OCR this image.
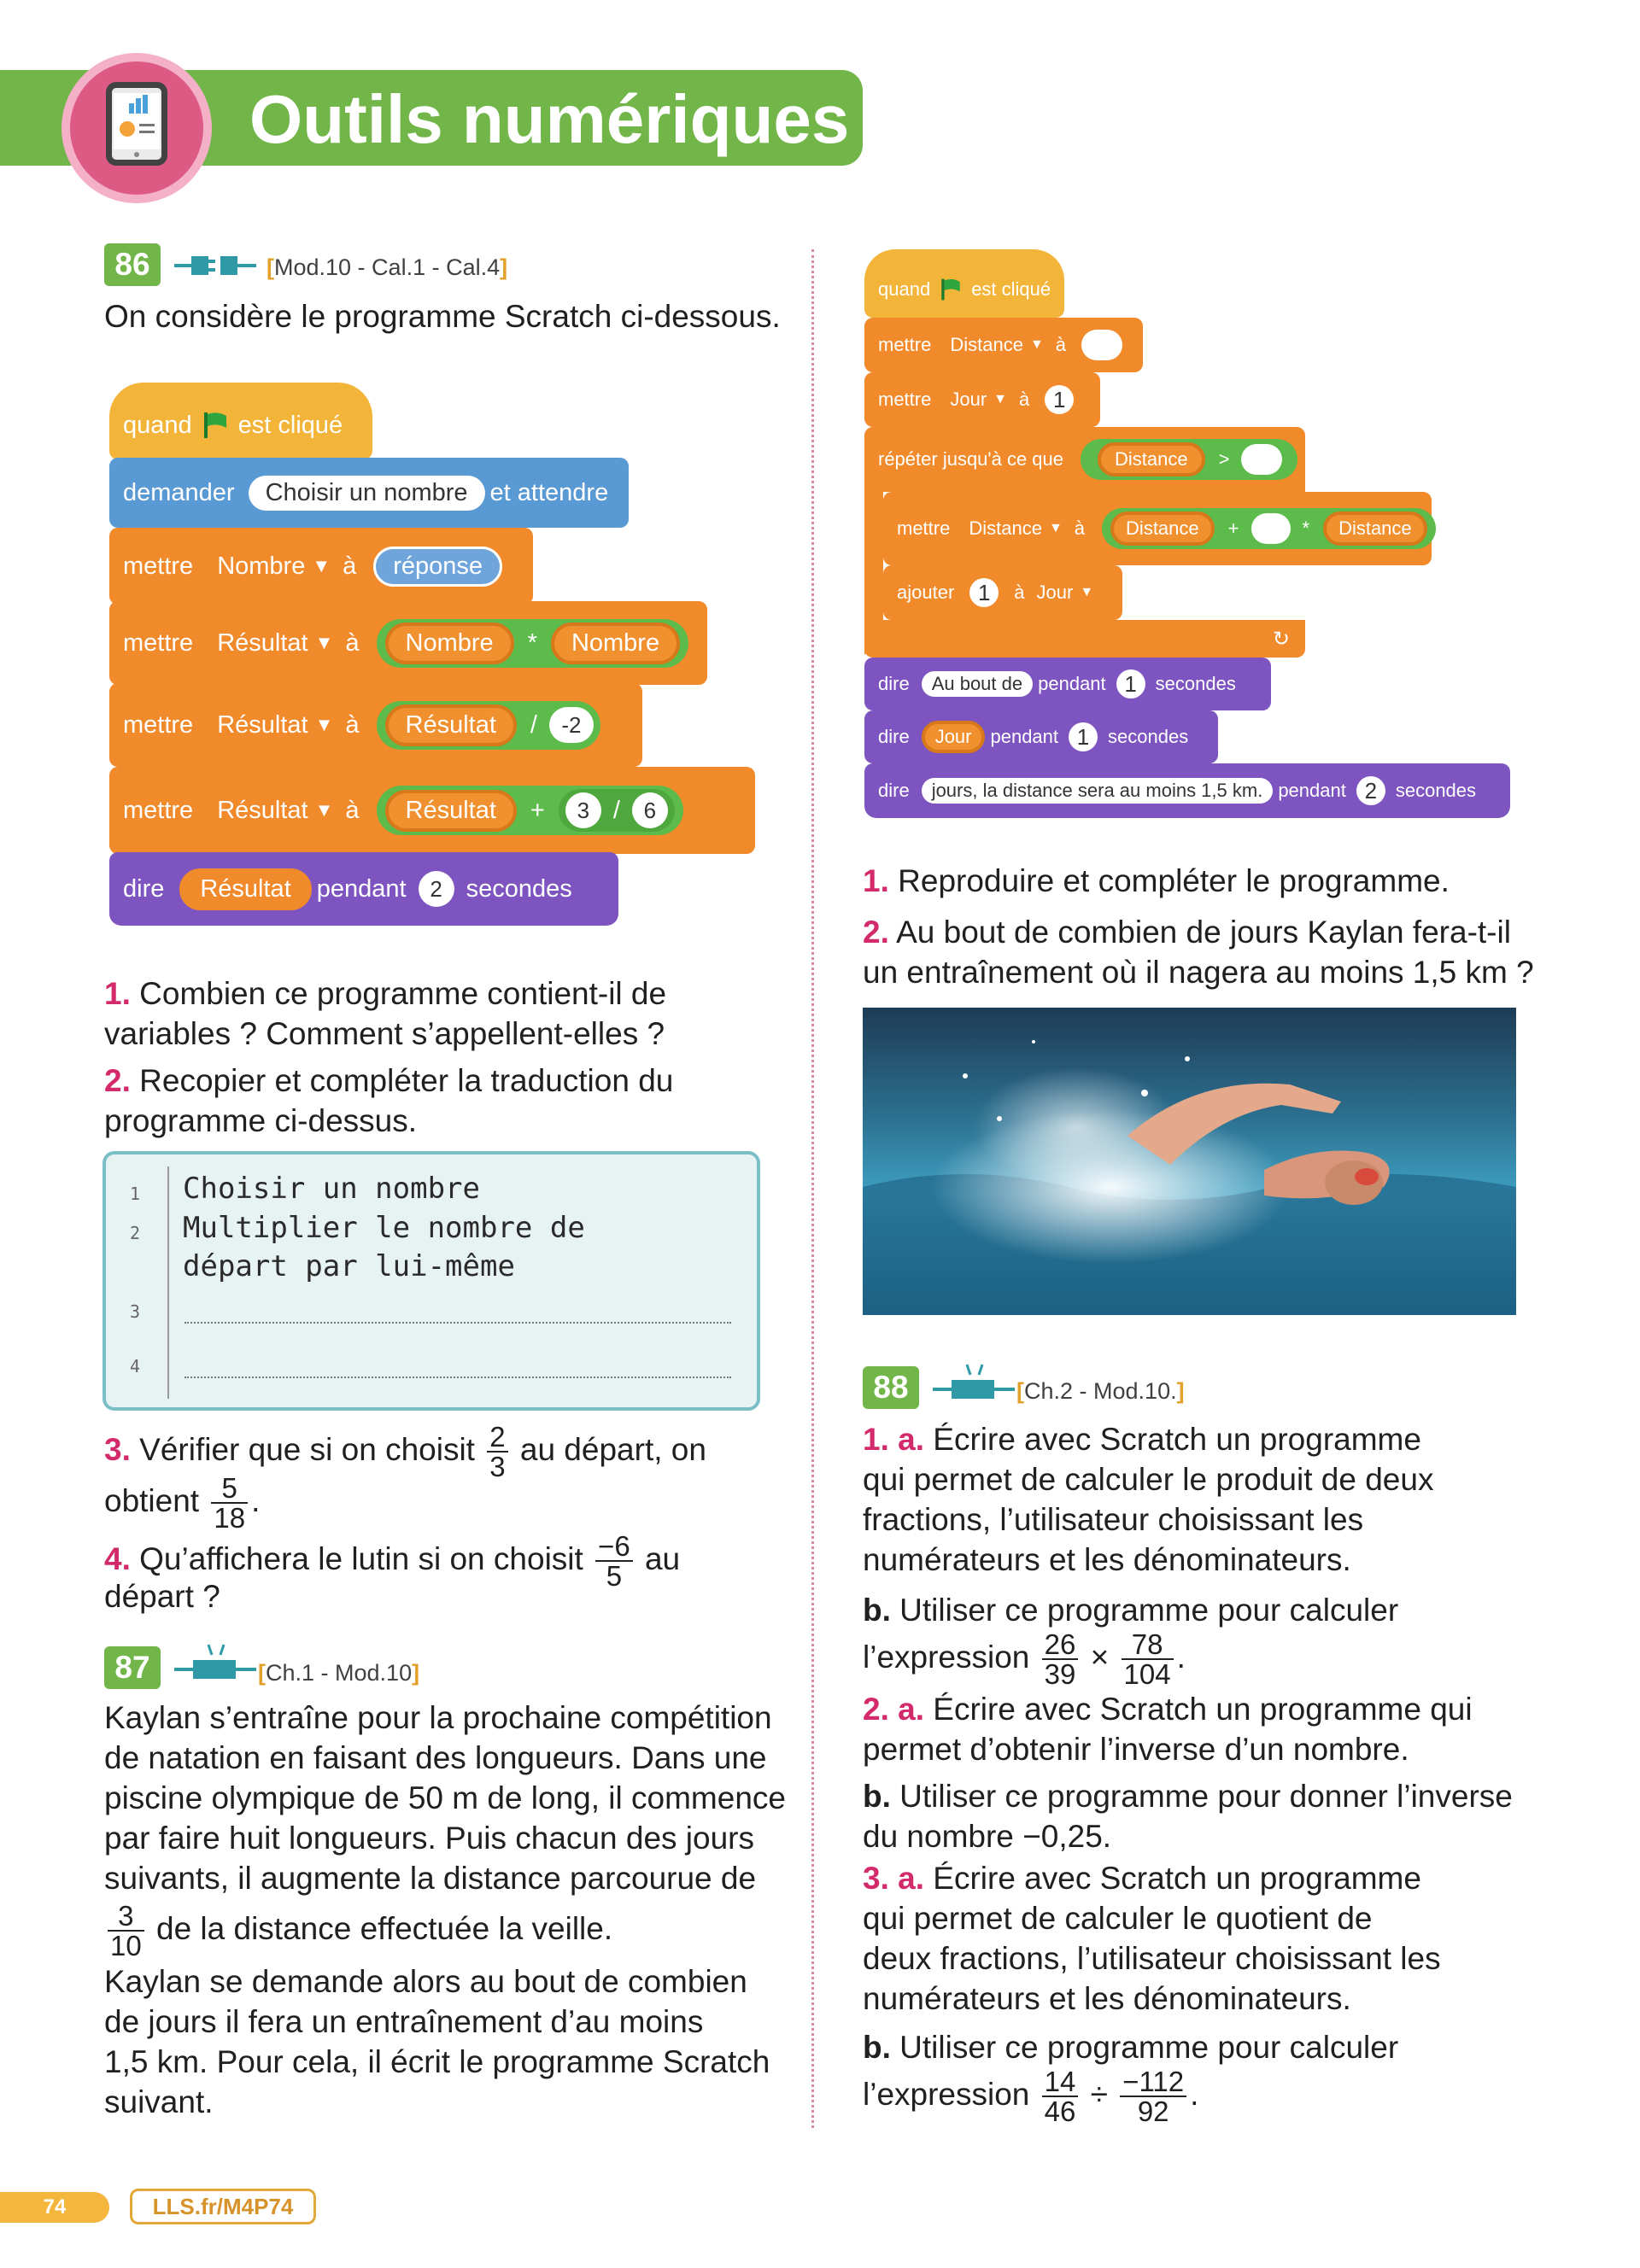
Outils numériques
86	[Mod.10 - Cal.1 - Cal.4]
On considère le programme Scratch ci-dessous.
quand est cliqué
demander	Choisir un nombre et attendre
mettre Nombre ▼ à	réponse
mettre Résultat ▼ à	Nombre	*	Nombre
mettre Résultat ▼ à	Résultat	/	-2
mettre Résultat ▼ à	Résultat	+	3 /	6
dire	Résultat	pendant	2 secondes
1. Combien ce programme contient-il de variables ? Comment s’appellent-elles ?
2. Recopier et compléter la traduction du programme ci-dessus.
1 Choisir un nombre
2 Multiplier le nombre de
départ par lui-même
3
4
3. Vérifier que si on choisit $\frac{2}{3}$ au départ, on
obtient $\frac{5}{18}$ .
4. Qu’affichera le lutin si on choisit $\frac{-6}{5}$ au
départ ?
87	[Ch.1 - Mod.10]
Kaylan s’entraîne pour la prochaine compétition
de natation en faisant des longueurs. Dans une
piscine olympique de 50 m de long, il commence
par faire huit longueurs. Puis chacun des jours
suivants, il augmente la distance parcourue de
$\frac{3}{10}$ de la distance effectuée la veille.
Kaylan se demande alors au bout de combien
de jours il fera un entraînement d’au moins
1,5 km. Pour cela, il écrit le programme Scratch
suivant.
quand est cliqué
mettre Distance ▼ à
mettre Jour ▼ à	1
répéter jusqu'à ce que	Distance	>
mettre Distance ▼ à	Distance	+	*	Distance
ajouter	1	à Jour ▼
↻
dire	Au bout de pendant 1 secondes
dire	Jour	pendant 1 secondes
dire	jours, la distance sera au moins 1,5 km. pendant 2 secondes
1. Reproduire et compléter le programme.
2. Au bout de combien de jours Kaylan fera-t-il
un entraînement où il nagera au moins 1,5 km ?
88	[Ch.2 - Mod.10.]
1. a. Écrire avec Scratch un programme
qui permet de calculer le produit de deux
fractions, l’utilisateur choisissant les
numérateurs et les dénominateurs.
b. Utiliser ce programme pour calculer
l’expression $\frac{26}{39} \times \frac{78}{104}$ .
2. a. Écrire avec Scratch un programme qui
permet d’obtenir l’inverse d’un nombre.
b. Utiliser ce programme pour donner l’inverse
du nombre −0,25.
3. a. Écrire avec Scratch un programme
qui permet de calculer le quotient de
deux fractions, l’utilisateur choisissant les
numérateurs et les dénominateurs.
b. Utiliser ce programme pour calculer
l’expression $\frac{14}{46} \div \frac{-112}{92}$ .
74	LLS.fr/M4P74
